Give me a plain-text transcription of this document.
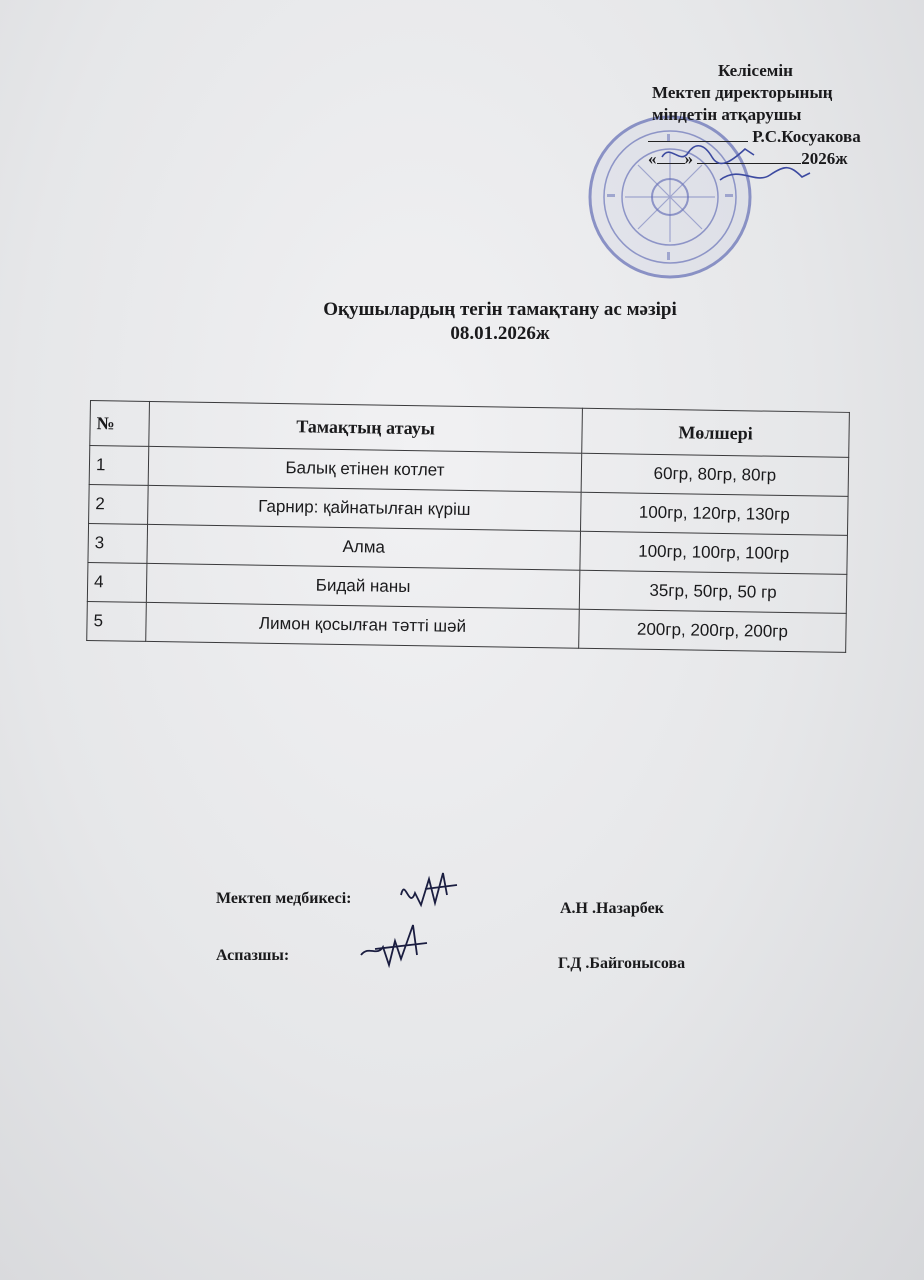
Келісемін
Мектеп директорының
міндетін атқарушы
Р.С.Косуакова
« »	2026ж
Оқушылардың тегін тамақтану ас мәзірі
08.01.2026ж
№	Тамақтың атауы	Мөлшері
1	Балық етінен котлет	60гр, 80гр, 80гр
2	Гарнир: қайнатылған күріш	100гр, 120гр, 130гр
3	Алма	100гр, 100гр, 100гр
4	Бидай наны	35гр, 50гр, 50 гр
5	Лимон қосылған тәтті шәй	200гр, 200гр, 200гр
Мектеп медбикесі:
А.Н .Назарбек
Аспазшы:	Г.Д .Байгонысова
